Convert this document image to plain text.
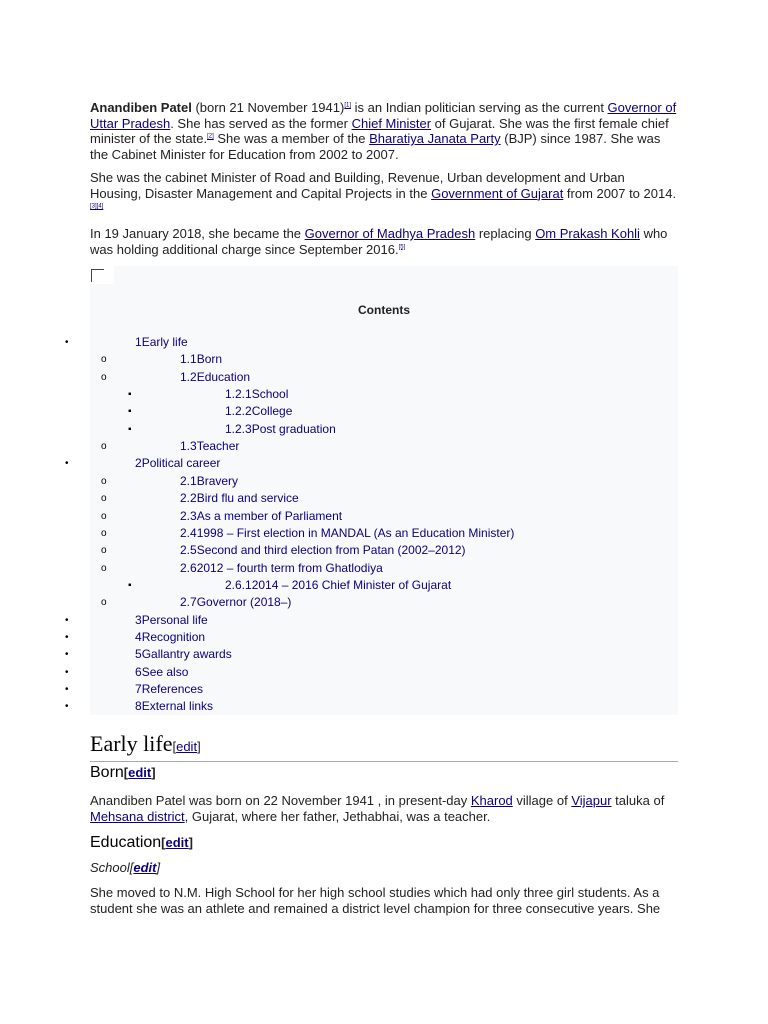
Anandiben Patel (born 21 November 1941)[1] is an Indian politician serving as the current Governor of Uttar Pradesh. She has served as the former Chief Minister of Gujarat. She was the first female chief minister of the state.[2] She was a member of the Bharatiya Janata Party (BJP) since 1987. She was the Cabinet Minister for Education from 2002 to 2007.

She was the cabinet Minister of Road and Building, Revenue, Urban development and Urban Housing, Disaster Management and Capital Projects in the Government of Gujarat from 2007 to 2014.[3][4]

In 19 January 2018, she became the Governor of Madhya Pradesh replacing Om Prakash Kohli who was holding additional charge since September 2016.[5]

Contents
•	1Early life
o	1.1Born
o	1.2Education
▪	1.2.1School
▪	1.2.2College
▪	1.2.3Post graduation
o	1.3Teacher
•	2Political career
o	2.1Bravery
o	2.2Bird flu and service
o	2.3As a member of Parliament
o	2.41998 – First election in MANDAL (As an Education Minister)
o	2.5Second and third election from Patan (2002–2012)
o	2.62012 – fourth term from Ghatlodiya
▪	2.6.12014 – 2016 Chief Minister of Gujarat
o	2.7Governor (2018–)
•	3Personal life
•	4Recognition
•	5Gallantry awards
•	6See also
•	7References
•	8External links
Early life[edit]
Born[edit]

Anandiben Patel was born on 22 November 1941 , in present-day Kharod village of Vijapur taluka of Mehsana district, Gujarat, where her father, Jethabhai, was a teacher.

Education[edit]
School[edit]

She moved to N.M. High School for her high school studies which had only three girl students. As a student she was an athlete and remained a district level champion for three consecutive years. She
